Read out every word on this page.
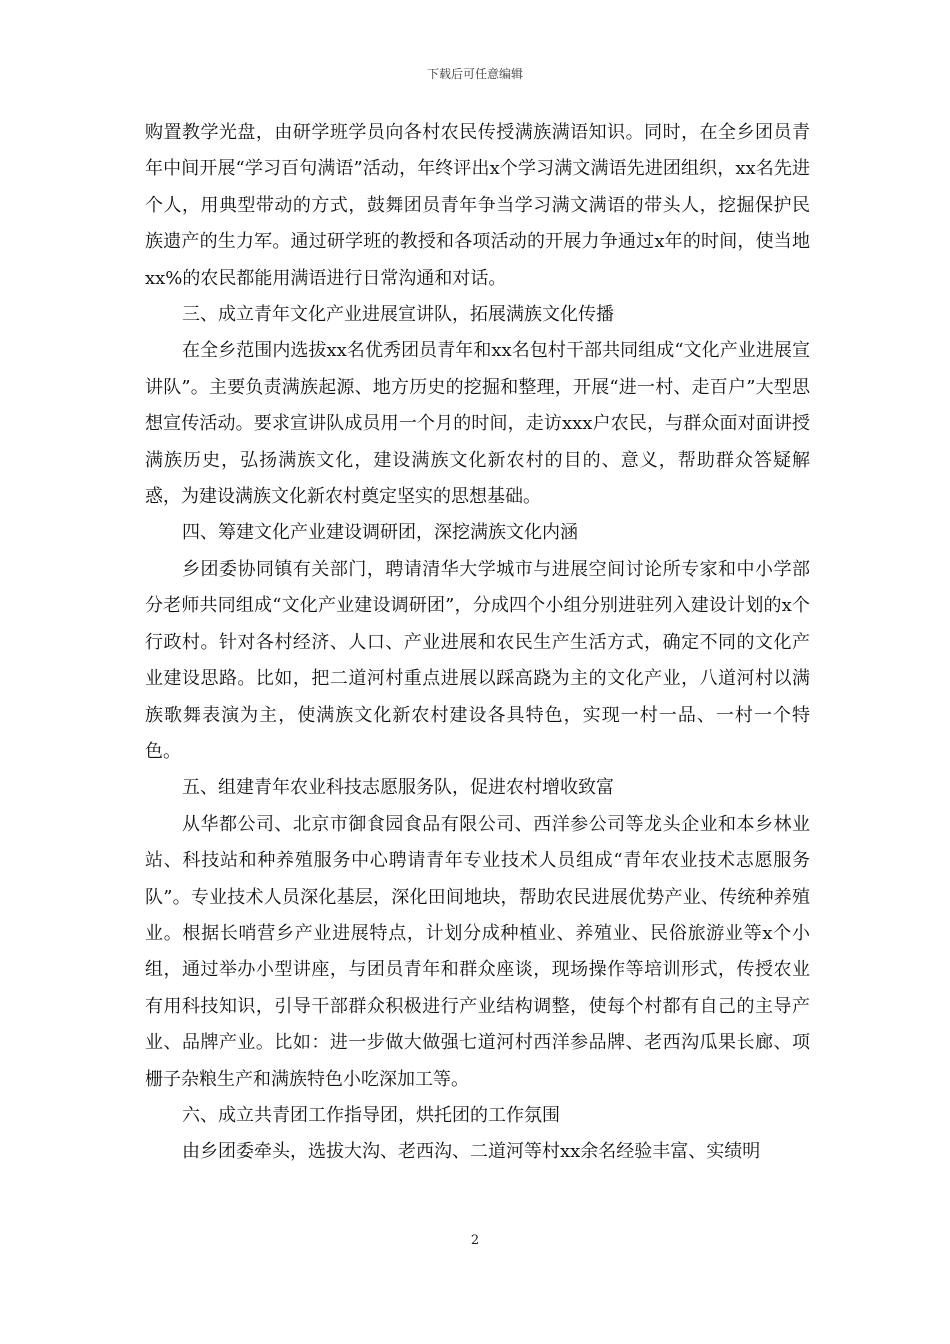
下载后可任意编辑

购置教学光盘，由研学班学员向各村农民传授满族满语知识。同时，在全乡团员青年中间开展“学习百句满语”活动，年终评出x个学习满文满语先进团组织，xx名先进个人，用典型带动的方式，鼓舞团员青年争当学习满文满语的带头人，挖掘保护民族遗产的生力军。通过研学班的教授和各项活动的开展力争通过x年的时间，使当地xx%的农民都能用满语进行日常沟通和对话。

三、成立青年文化产业进展宣讲队，拓展满族文化传播

在全乡范围内选拔xx名优秀团员青年和xx名包村干部共同组成“文化产业进展宣讲队”。主要负责满族起源、地方历史的挖掘和整理，开展“进一村、走百户”大型思想宣传活动。要求宣讲队成员用一个月的时间，走访xxx户农民，与群众面对面讲授满族历史，弘扬满族文化，建设满族文化新农村的目的、意义，帮助群众答疑解惑，为建设满族文化新农村奠定坚实的思想基础。

四、筹建文化产业建设调研团，深挖满族文化内涵

乡团委协同镇有关部门，聘请清华大学城市与进展空间讨论所专家和中小学部分老师共同组成“文化产业建设调研团”，分成四个小组分别进驻列入建设计划的x个行政村。针对各村经济、人口、产业进展和农民生产生活方式，确定不同的文化产业建设思路。比如，把二道河村重点进展以踩高跷为主的文化产业，八道河村以满族歌舞表演为主，使满族文化新农村建设各具特色，实现一村一品、一村一个特色。

五、组建青年农业科技志愿服务队，促进农村增收致富

从华都公司、北京市御食园食品有限公司、西洋参公司等龙头企业和本乡林业站、科技站和种养殖服务中心聘请青年专业技术人员组成“青年农业技术志愿服务队”。专业技术人员深化基层，深化田间地块，帮助农民进展优势产业、传统种养殖业。根据长哨营乡产业进展特点，计划分成种植业、养殖业、民俗旅游业等x个小组，通过举办小型讲座，与团员青年和群众座谈，现场操作等培训形式，传授农业有用科技知识，引导干部群众积极进行产业结构调整，使每个村都有自己的主导产业、品牌产业。比如：进一步做大做强七道河村西洋参品牌、老西沟瓜果长廊、项栅子杂粮生产和满族特色小吃深加工等。

六、成立共青团工作指导团，烘托团的工作氛围

由乡团委牵头，选拔大沟、老西沟、二道河等村xx余名经验丰富、实绩明

2
